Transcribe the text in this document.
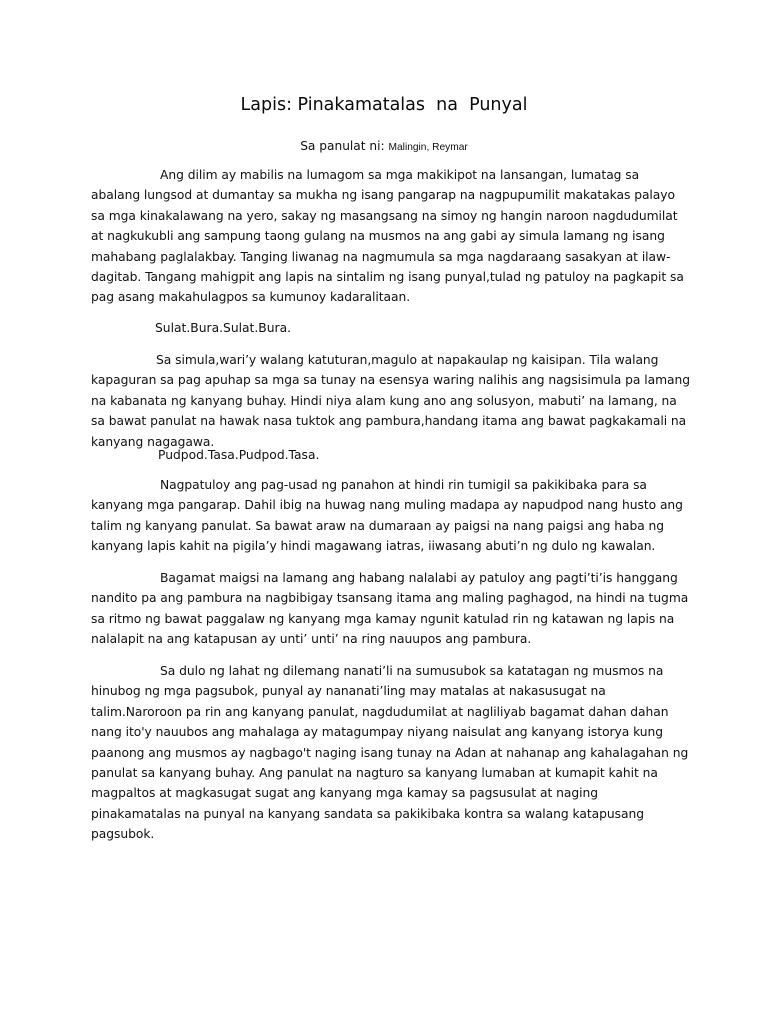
Lapis: Pinakamatalas  na  Punyal
Sa panulat ni: Malingin, Reymar

Ang dilim ay mabilis na lumagom sa mga makikipot na lansangan, lumatag sa abalang lungsod at dumantay sa mukha ng isang pangarap na nagpupumilit makatakas palayo sa mga kinakalawang na yero, sakay ng masangsang na simoy ng hangin naroon nagdudumilat at nagkukubli ang sampung taong gulang na musmos na ang gabi ay simula lamang ng isang mahabang paglalakbay. Tanging liwanag na nagmumula sa mga nagdaraang sasakyan at ilaw-dagitab. Tangang mahigpit ang lapis na sintalim ng isang punyal,tulad ng patuloy na pagkapit sa pag asang makahulagpos sa kumunoy kadaralitaan.

Sulat.Bura.Sulat.Bura.

Sa simula,wari’y walang katuturan,magulo at napakaulap ng kaisipan. Tila walang kapaguran sa pag apuhap sa mga sa tunay na esensya waring nalihis ang nagsisimula pa lamang na kabanata ng kanyang buhay. Hindi niya alam kung ano ang solusyon, mabuti’ na lamang, na sa bawat panulat na hawak nasa tuktok ang pambura,handang itama ang bawat pagkakamali na kanyang nagagawa.

Pudpod.Tasa.Pudpod.Tasa.

Nagpatuloy ang pag-usad ng panahon at hindi rin tumigil sa pakikibaka para sa kanyang mga pangarap. Dahil ibig na huwag nang muling madapa ay napudpod nang husto ang talim ng kanyang panulat. Sa bawat araw na dumaraan ay paigsi na nang paigsi ang haba ng kanyang lapis kahit na pigila’y hindi magawang iatras, iiwasang abuti’n ng dulo ng kawalan.

Bagamat maigsi na lamang ang habang nalalabi ay patuloy ang pagti’ti’is hanggang nandito pa ang pambura na nagbibigay tsansang itama ang maling paghagod, na hindi na tugma sa ritmo ng bawat paggalaw ng kanyang mga kamay ngunit katulad rin ng katawan ng lapis na nalalapit na ang katapusan ay unti’ unti’ na ring nauupos ang pambura.

Sa dulo ng lahat ng dilemang nanati’li na sumusubok sa katatagan ng musmos na hinubog ng mga pagsubok, punyal ay nananati’ling may matalas at nakasusugat na talim.Naroroon pa rin ang kanyang panulat, nagdudumilat at nagliliyab bagamat dahan dahan nang ito'y nauubos ang mahalaga ay matagumpay niyang naisulat ang kanyang istorya kung paanong ang musmos ay nagbago't naging isang tunay na Adan at nahanap ang kahalagahan ng panulat sa kanyang buhay. Ang panulat na nagturo sa kanyang lumaban at kumapit kahit na magpaltos at magkasugat sugat ang kanyang mga kamay sa pagsusulat at naging pinakamatalas na punyal na kanyang sandata sa pakikibaka kontra sa walang katapusang pagsubok.
